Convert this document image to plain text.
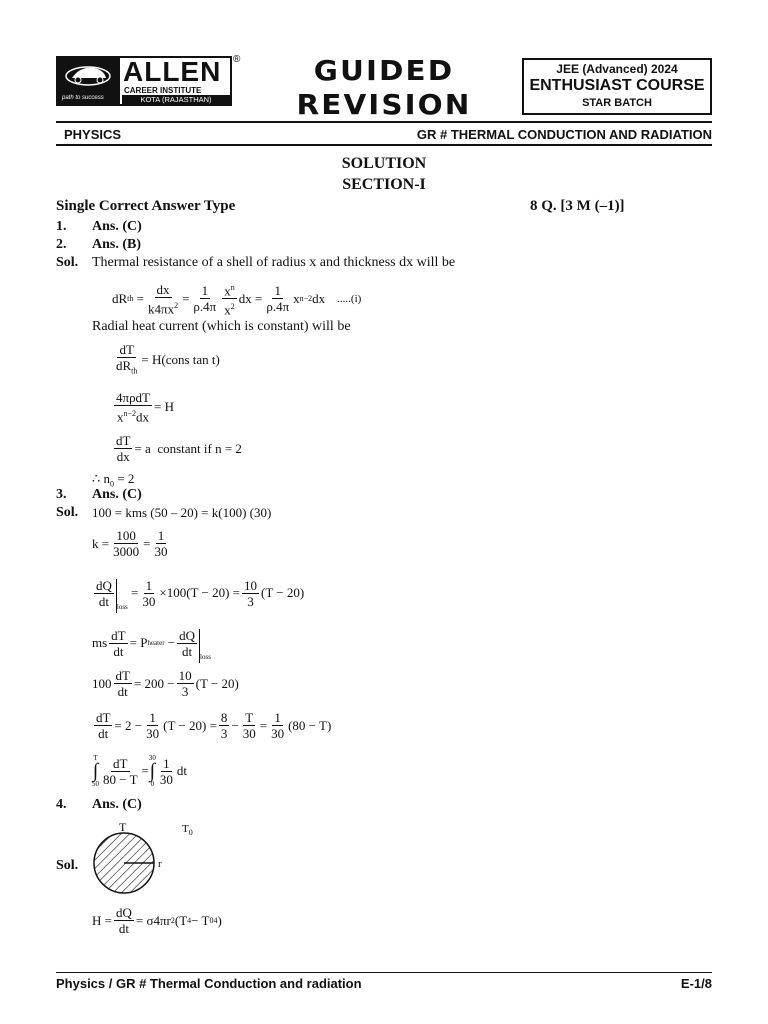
path to success
ALLEN
CAREER INSTITUTE
KOTA (RAJASTHAN)
®	GUIDED
REVISION
JEE (Advanced) 2024
ENTHUSIAST COURSE
STAR BATCH
PHYSICS	GR # THERMAL CONDUCTION AND RADIATION
SOLUTION
SECTION-I
Single Correct Answer Type	8 Q. [3 M (–1)]
1. Ans. (C)
2. Ans. (B)
Sol. Thermal resistance of a shell of radius x and thickness dx will be
dR th = $\frac{dx}{k4\pi x^2} = \frac{1}{\rho.4\pi} \frac{x^n}{x^2}$ dx = $\frac{1}{\rho.4\pi}$ x n−2 dx .....(i)
Radial heat current (which is constant) will be
$\frac{dT}{dR_{th}}$ = H(cons tan t)
$\frac{\text{4πρdT}}{x^{n-2}dx} = H$
$\frac{dT}{dx} = a$ constant if n = 2
∴ $n_0 = 2$
3. Ans. (C)
Sol. 100 = kms (50 – 20) = k(100) (30)
$k = \frac{100}{3000} = \frac{1}{30}$
$\frac{dQ}{dt} _{loss}$
= $\frac{1}{30} \times 100(T - 20) = \frac{10}{3} (T - 20)$
ms $\frac{dT}{dt} = P$ heater − $\frac{dQ}{dt} _{loss}$
$100 \frac{dT}{dt} = 200 - \frac{10}{3} (T - 20)$
$\frac{dT}{dt} = 2 - \frac{1}{30} (T - 20) = \frac{8}{3} - \frac{T}{30} = \frac{1}{30} (80 - T)$
T
∫
$50 \frac{dT}{80 - T}$ =
30
∫
$0 \frac{1}{30}$ dt
4. Ans. (C)
Sol.
T	$T_0$
r
$H = \frac{dQ}{dt} = \sigma 4\pi r$ 2 (T 4 − T 0 4 )
Physics / GR # Thermal Conduction and radiation	E-1/8
